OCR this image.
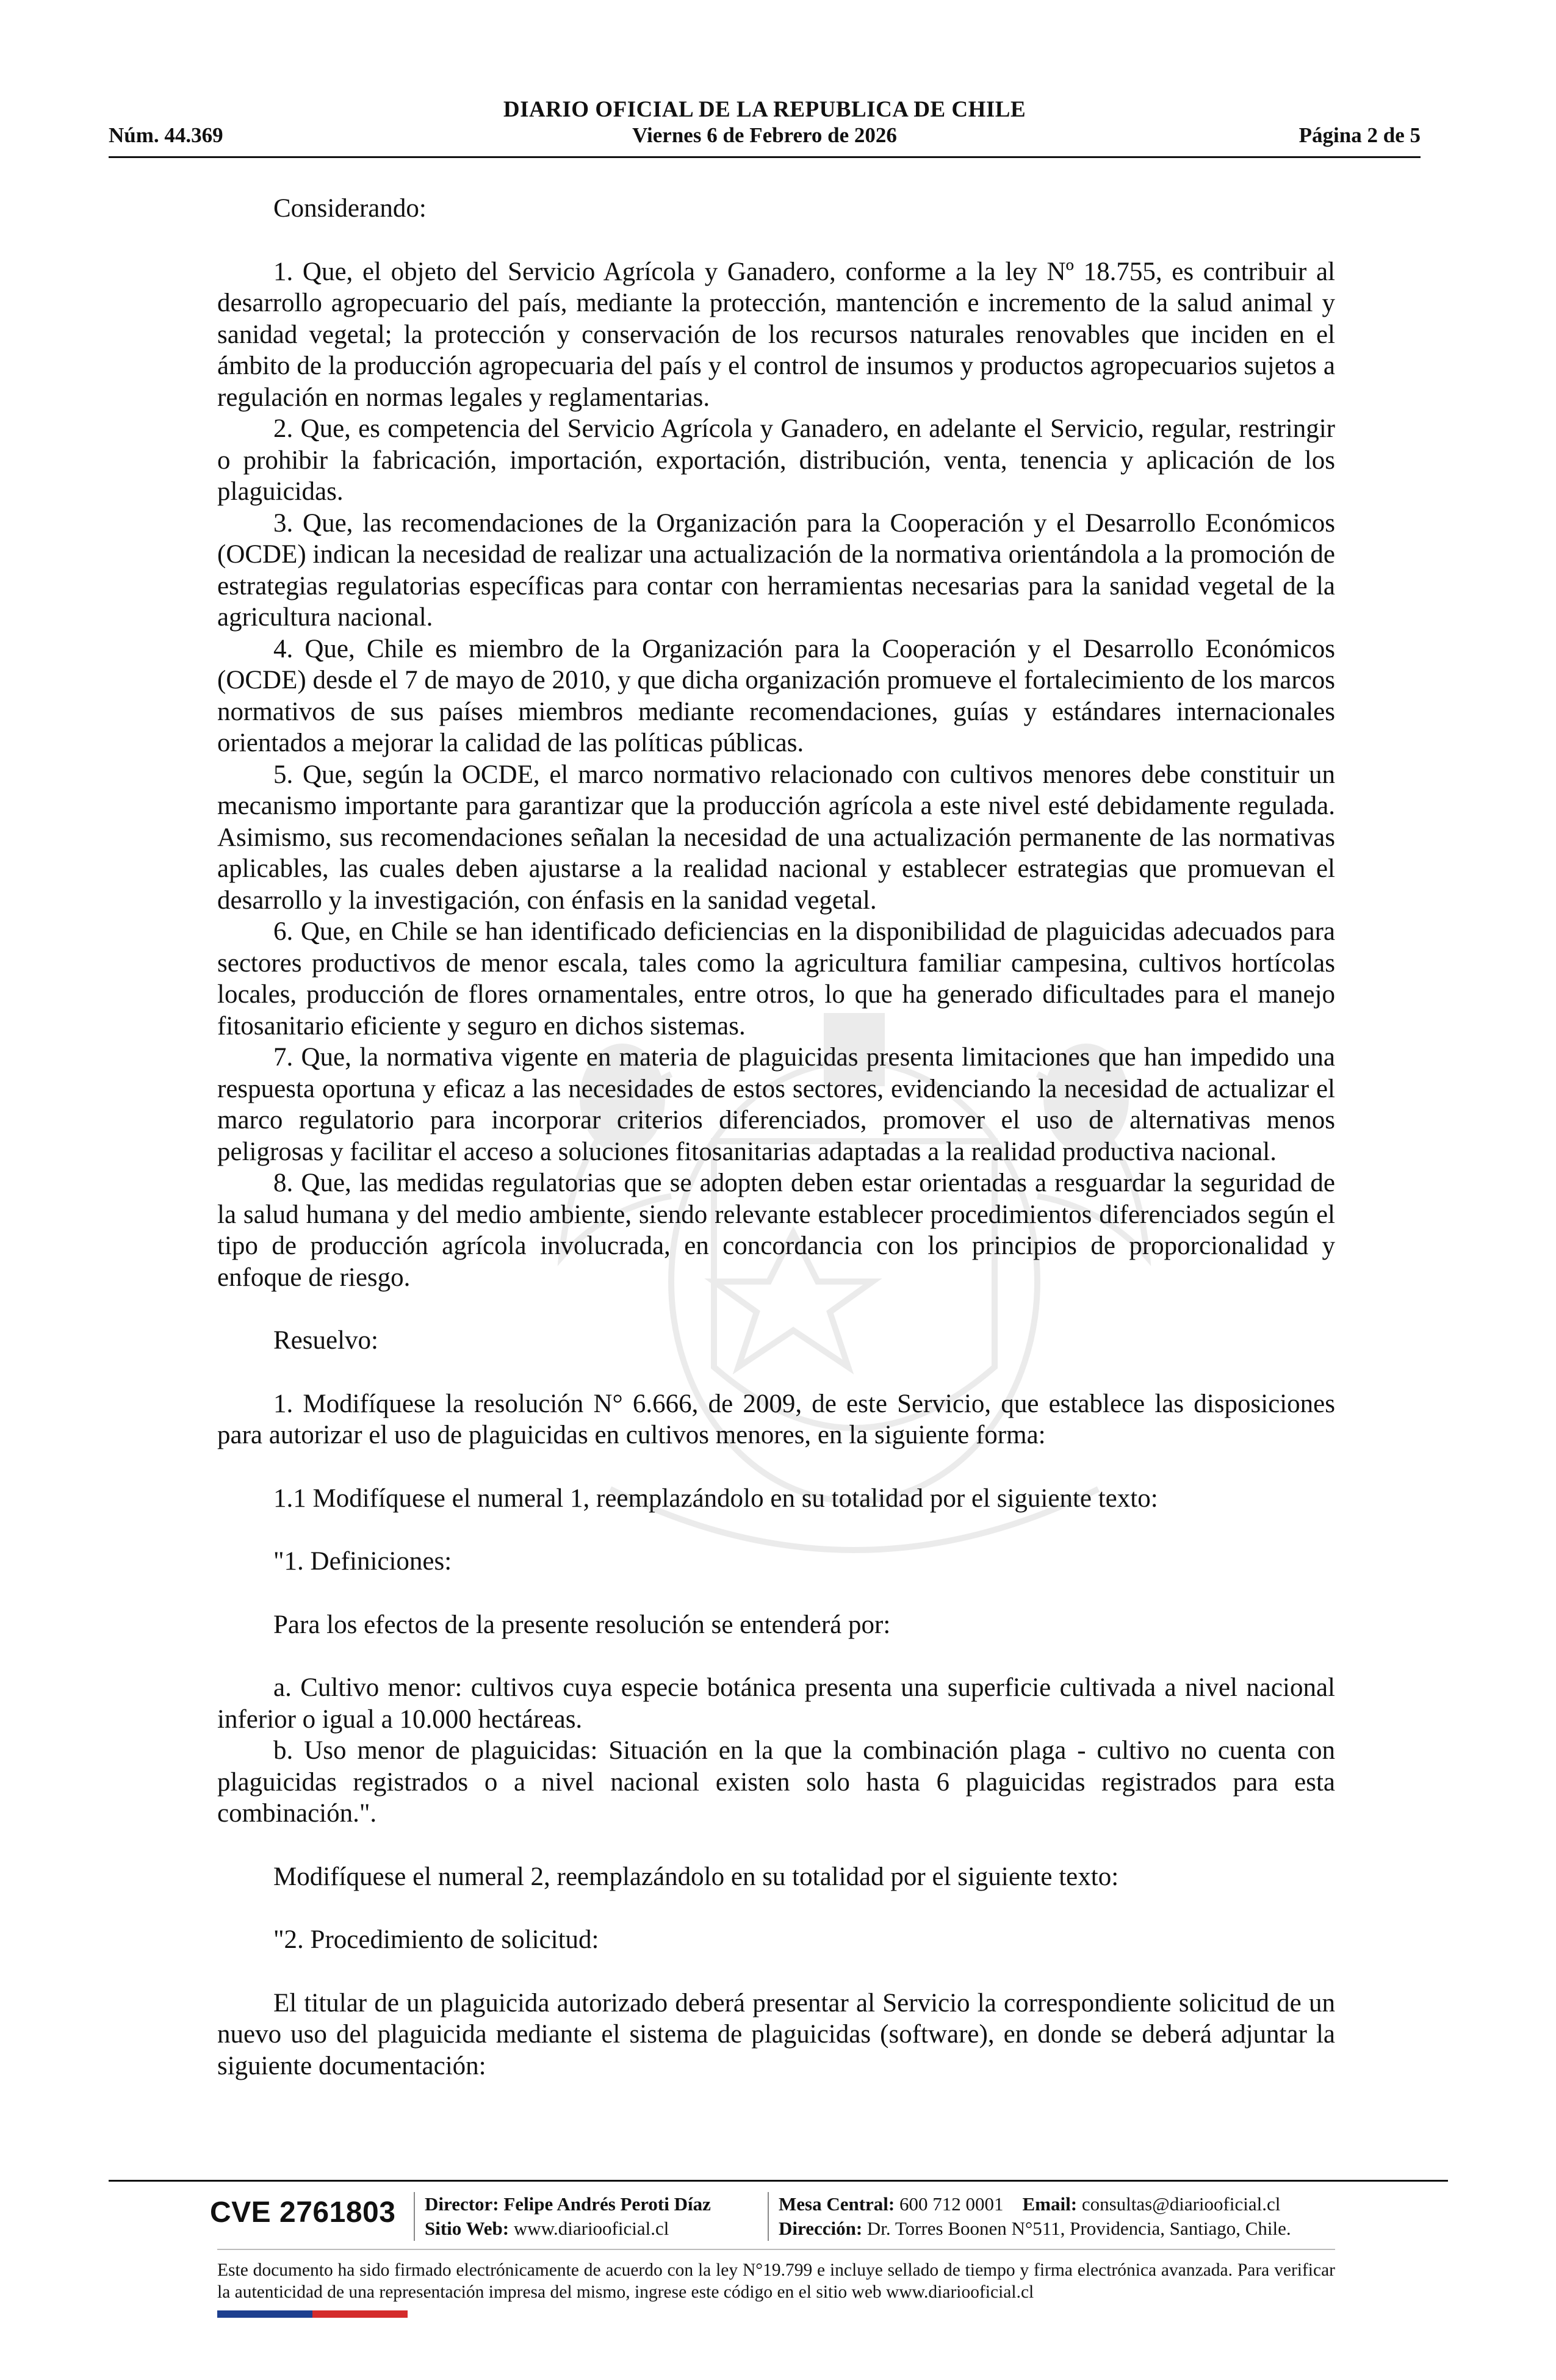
DIARIO OFICIAL DE LA REPUBLICA DE CHILE
Núm. 44.369	Viernes 6 de Febrero de 2026	Página 2 de 5

Considerando:

1. Que, el objeto del Servicio Agrícola y Ganadero, conforme a la ley Nº 18.755, es contribuir al desarrollo agropecuario del país, mediante la protección, mantención e incremento de la salud animal y sanidad vegetal; la protección y conservación de los recursos naturales renovables que inciden en el ámbito de la producción agropecuaria del país y el control de insumos y productos agropecuarios sujetos a regulación en normas legales y reglamentarias.

2. Que, es competencia del Servicio Agrícola y Ganadero, en adelante el Servicio, regular, restringir o prohibir la fabricación, importación, exportación, distribución, venta, tenencia y aplicación de los plaguicidas.

3. Que, las recomendaciones de la Organización para la Cooperación y el Desarrollo Económicos (OCDE) indican la necesidad de realizar una actualización de la normativa orientándola a la promoción de estrategias regulatorias específicas para contar con herramientas necesarias para la sanidad vegetal de la agricultura nacional.

4. Que, Chile es miembro de la Organización para la Cooperación y el Desarrollo Económicos (OCDE) desde el 7 de mayo de 2010, y que dicha organización promueve el fortalecimiento de los marcos normativos de sus países miembros mediante recomendaciones, guías y estándares internacionales orientados a mejorar la calidad de las políticas públicas.

5. Que, según la OCDE, el marco normativo relacionado con cultivos menores debe constituir un mecanismo importante para garantizar que la producción agrícola a este nivel esté debidamente regulada. Asimismo, sus recomendaciones señalan la necesidad de una actualización permanente de las normativas aplicables, las cuales deben ajustarse a la realidad nacional y establecer estrategias que promuevan el desarrollo y la investigación, con énfasis en la sanidad vegetal.

6. Que, en Chile se han identificado deficiencias en la disponibilidad de plaguicidas adecuados para sectores productivos de menor escala, tales como la agricultura familiar campesina, cultivos hortícolas locales, producción de flores ornamentales, entre otros, lo que ha generado dificultades para el manejo fitosanitario eficiente y seguro en dichos sistemas.

7. Que, la normativa vigente en materia de plaguicidas presenta limitaciones que han impedido una respuesta oportuna y eficaz a las necesidades de estos sectores, evidenciando la necesidad de actualizar el marco regulatorio para incorporar criterios diferenciados, promover el uso de alternativas menos peligrosas y facilitar el acceso a soluciones fitosanitarias adaptadas a la realidad productiva nacional.

8. Que, las medidas regulatorias que se adopten deben estar orientadas a resguardar la seguridad de la salud humana y del medio ambiente, siendo relevante establecer procedimientos diferenciados según el tipo de producción agrícola involucrada, en concordancia con los principios de proporcionalidad y enfoque de riesgo.

Resuelvo:

1. Modifíquese la resolución N° 6.666, de 2009, de este Servicio, que establece las disposiciones para autorizar el uso de plaguicidas en cultivos menores, en la siguiente forma:

1.1 Modifíquese el numeral 1, reemplazándolo en su totalidad por el siguiente texto:

"1. Definiciones:

Para los efectos de la presente resolución se entenderá por:

a. Cultivo menor: cultivos cuya especie botánica presenta una superficie cultivada a nivel nacional inferior o igual a 10.000 hectáreas.

b. Uso menor de plaguicidas: Situación en la que la combinación plaga - cultivo no cuenta con plaguicidas registrados o a nivel nacional existen solo hasta 6 plaguicidas registrados para esta combinación.".

Modifíquese el numeral 2, reemplazándolo en su totalidad por el siguiente texto:

"2. Procedimiento de solicitud:

El titular de un plaguicida autorizado deberá presentar al Servicio la correspondiente solicitud de un nuevo uso del plaguicida mediante el sistema de plaguicidas (software), en donde se deberá adjuntar la siguiente documentación:

CVE 2761803 Director: Felipe Andrés Peroti Díaz
Sitio Web: www.diariooficial.cl
Mesa Central: 600 712 0001 Email: consultas@diariooficial.cl
Dirección: Dr. Torres Boonen N°511, Providencia, Santiago, Chile.
Este documento ha sido firmado electrónicamente de acuerdo con la ley N°19.799 e incluye sellado de tiempo y firma electrónica avanzada. Para verificar la autenticidad de una representación impresa del mismo, ingrese este código en el sitio web www.diariooficial.cl
